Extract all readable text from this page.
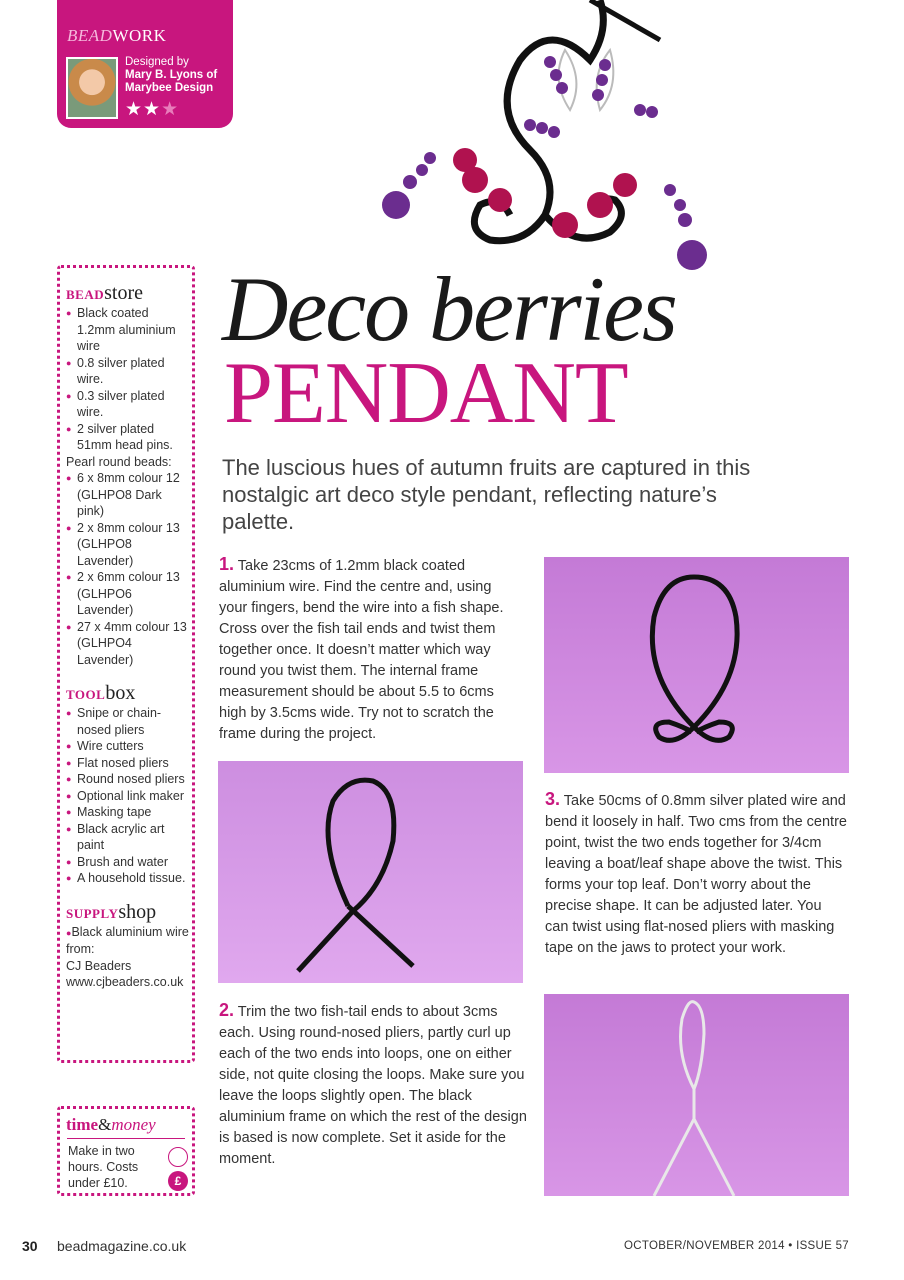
BEADWORK
Designed by
Mary B. Lyons of Marybee Design
★★★
Deco berries
PENDANT
The luscious hues of autumn fruits are captured in this nostalgic art deco style pendant, reflecting nature’s palette.
BEADstore
● Black coated 1.2mm aluminium wire
● 0.8 silver plated wire.
● 0.3 silver plated wire.
● 2 silver plated 51mm head pins.
Pearl round beads:
● 6 x 8mm colour 12 (GLHPO8 Dark pink)
● 2 x 8mm colour 13 (GLHPO8 Lavender)
● 2 x 6mm colour 13 (GLHPO6 Lavender)
● 27 x 4mm colour 13 (GLHPO4 Lavender)
TOOLbox
● Snipe or chain-nosed pliers
● Wire cutters
● Flat nosed pliers
● Round nosed pliers
● Optional link maker
● Masking tape
● Black acrylic art paint
● Brush and water
● A household tissue.
SUPPLYshop
●Black aluminium wire from:
CJ Beaders
www.cjbeaders.co.uk
time&money
Make in two hours. Costs under £10.	£
1. Take 23cms of 1.2mm black coated aluminium wire. Find the centre and, using your fingers, bend the wire into a fish shape. Cross over the fish tail ends and twist them together once. It doesn’t matter which way round you twist them. The internal frame measurement should be about 5.5 to 6cms high by 3.5cms wide. Try not to scratch the frame during the project.
2. Trim the two fish-tail ends to about 3cms each. Using round-nosed pliers, partly curl up each of the two ends into loops, one on either side, not quite closing the loops. Make sure you leave the loops slightly open. The black aluminium frame on which the rest of the design is based is now complete. Set it aside for the moment.
3. Take 50cms of 0.8mm silver plated wire and bend it loosely in half. Two cms from the centre point, twist the two ends together for 3/4cm leaving a boat/leaf shape above the twist. This forms your top leaf. Don’t worry about the precise shape. It can be adjusted later. You can twist using flat-nosed pliers with masking tape on the jaws to protect your work.
30 beadmagazine.co.uk	OCTOBER/NOVEMBER 2014 • ISSUE 57
